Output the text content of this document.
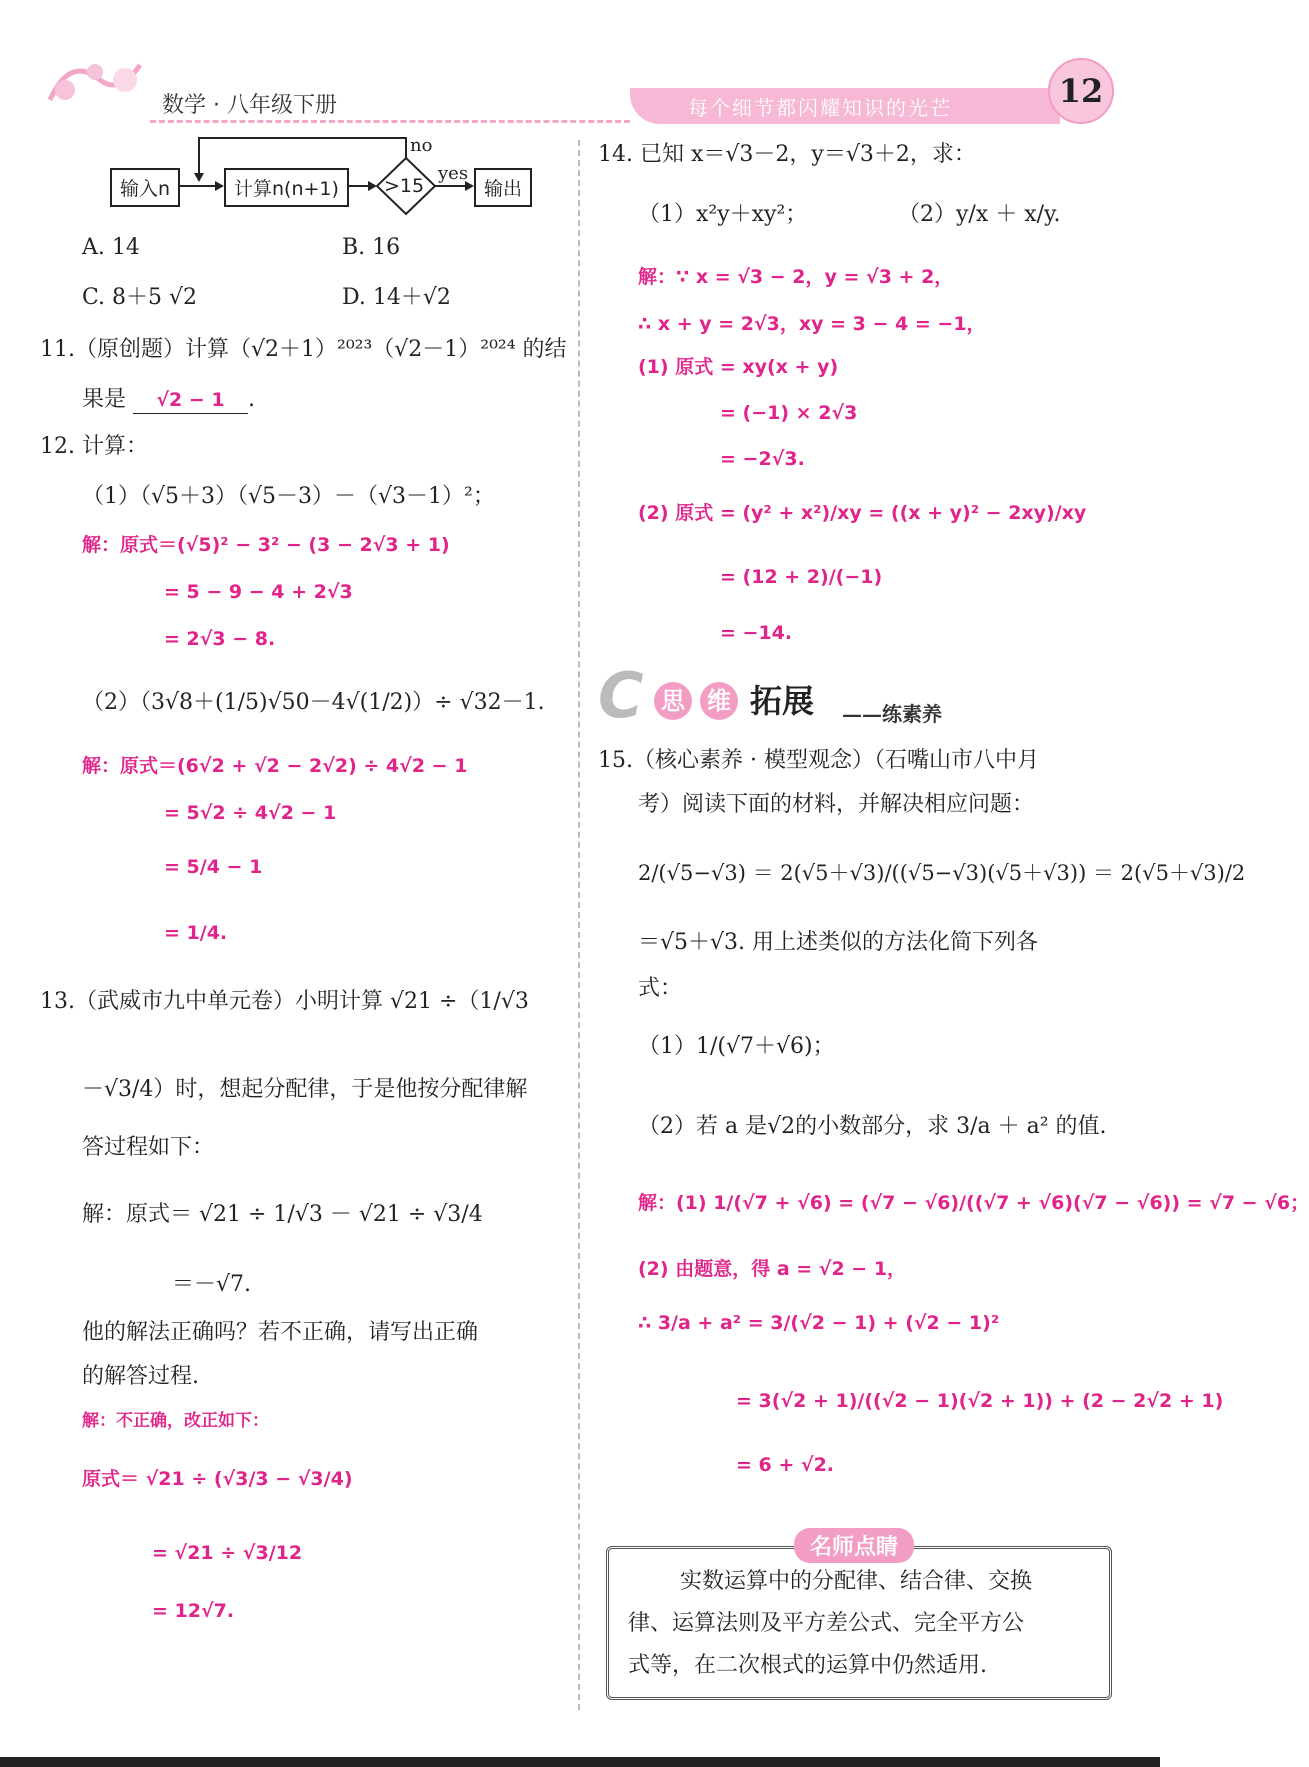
数学 · 八年级下册	每个细节都闪耀知识的光芒	12
输入n	计算n(n+1)	>15	输出
no
yes
A. 14	B. 16
C. 8＋5 √2	D. 14＋√2
11.（原创题）计算（√2＋1）²⁰²³（√2－1）²⁰²⁴ 的结
果是 √2 − 1 .
12. 计算：
（1）（√5＋3）（√5－3）－（√3－1）²；
解：原式＝(√5)² − 3² − (3 − 2√3 + 1)
= 5 − 9 − 4 + 2√3
= 2√3 − 8.
（2）（3√8＋(1/5)√50－4√(1/2)）÷ √32－1.
解：原式＝(6√2 + √2 − 2√2) ÷ 4√2 − 1
= 5√2 ÷ 4√2 − 1
= 5/4 − 1
= 1/4.
13.（武威市九中单元卷）小明计算 √21 ÷（1/√3
－√3/4）时，想起分配律，于是他按分配律解
答过程如下：
解：原式＝ √21 ÷ 1/√3 － √21 ÷ √3/4
＝－√7.
他的解法正确吗？若不正确，请写出正确
的解答过程.
解：不正确，改正如下：
原式＝ √21 ÷ (√3/3 − √3/4)
= √21 ÷ √3/12
= 12√7.
14. 已知 x＝√3－2，y＝√3＋2，求：
（1）x²y＋xy²；	（2）y/x ＋ x/y.
解：∵ x = √3 − 2，y = √3 + 2，
∴ x + y = 2√3，xy = 3 − 4 = −1，
(1) 原式 = xy(x + y)
= (−1) × 2√3
= −2√3.
(2) 原式 = (y² + x²)/xy = ((x + y)² − 2xy)/xy
= (12 + 2)/(−1)
= −14.
C 思 维 拓展 ——练素养
15.（核心素养 · 模型观念）（石嘴山市八中月
考）阅读下面的材料，并解决相应问题：
2/(√5−√3) ＝ 2(√5＋√3)/((√5−√3)(√5＋√3)) ＝ 2(√5＋√3)/2
＝√5＋√3. 用上述类似的方法化简下列各
式：
（1）1/(√7＋√6)；
（2）若 a 是√2的小数部分，求 3/a ＋ a² 的值.
解：(1) 1/(√7 + √6) = (√7 − √6)/((√7 + √6)(√7 − √6)) = √7 − √6；
(2) 由题意，得 a = √2 − 1，
∴ 3/a + a² = 3/(√2 − 1) + (√2 − 1)²
= 3(√2 + 1)/((√2 − 1)(√2 + 1)) + (2 − 2√2 + 1)
= 6 + √2.
名师点睛
实数运算中的分配律、结合律、交换
律、运算法则及平方差公式、完全平方公
式等，在二次根式的运算中仍然适用.
